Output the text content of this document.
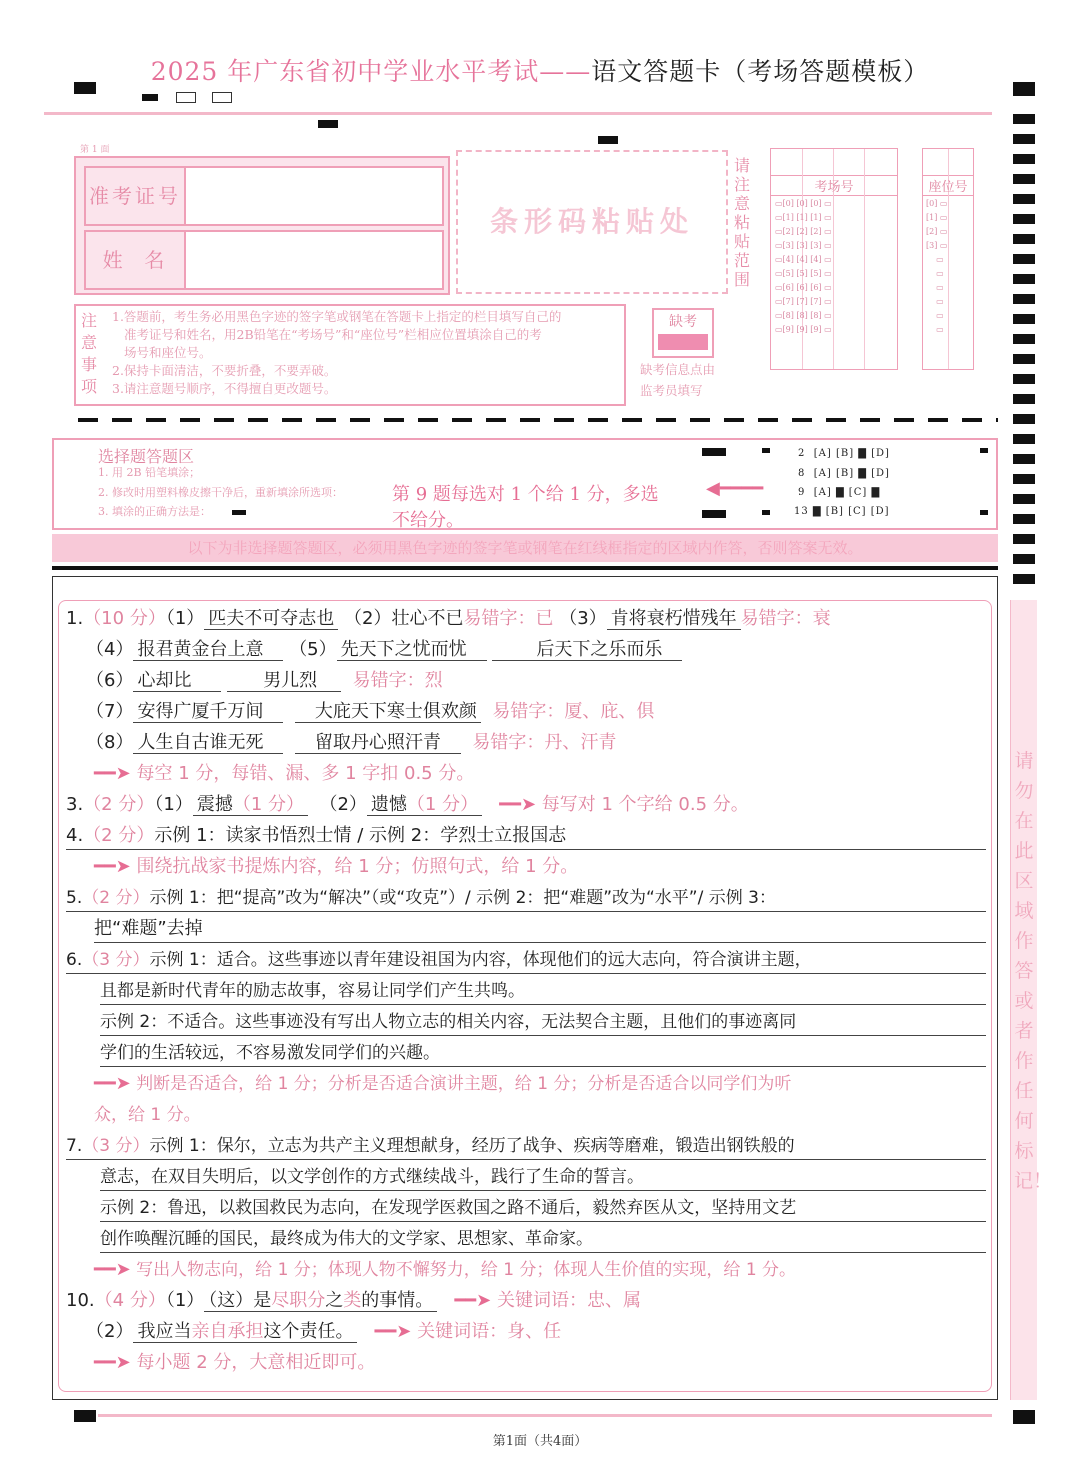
2025 年广东省初中学业水平考试——语文答题卡（考场答题模板）
第 1 面
准考证号
姓  名
条形码粘贴处
请注意粘贴范围
考场号
▭[0] [0] [0] ▭
▭[1] [1] [1] ▭
▭[2] [2] [2] ▭
▭[3] [3] [3] ▭
▭[4] [4] [4] ▭
▭[5] [5] [5] ▭
▭[6] [6] [6] ▭
▭[7] [7] [7] ▭
▭[8] [8] [8] ▭
▭[9] [9] [9] ▭
座位号
[0] ▭
[1] ▭
[2] ▭
[3] ▭
▭
▭
▭
▭
▭
▭
注意事项
1.答题前，考生务必用黑色字迹的签字笔或钢笔在答题卡上指定的栏目填写自己的
准考证号和姓名，用2B铅笔在“考场号”和“座位号”栏相应位置填涂自己的考
场号和座位号。
2.保持卡面清洁，不要折叠，不要弄破。
3.请注意题号顺序，不得擅自更改题号。
缺考
缺考信息点由
监考员填写
选择题答题区
1. 用 2B 铅笔填涂；
2. 修改时用塑料橡皮擦干净后，重新填涂所选项：
3. 填涂的正确方法是：
第 9 题每选对 1 个给 1 分，多选
不给分。
◀━━━━
2 [A] [B] ▇ [D]
8 [A] [B] ▇ [D]
9 [A] ▇ [C] ▇
13 ▇ [B] [C] [D]
以下为非选择题答题区，必须用黑色字迹的签字笔或钢笔在红线框指定的区域内作答，否则答案无效。
请勿在此区域作答或者作任何标记！
1.（10 分）（1） 匹夫不可夺志也 （2）壮心不已易错字：已 （3） 肯将衰朽惜残年 易错字：衰
（4） 报君黄金台上意 （5） 先天下之忧而忧	后天下之乐而乐
（6） 心却比	男儿烈 易错字：烈
（7） 安得广厦千万间	大庇天下寒士俱欢颜 易错字：厦、庇、俱
（8） 人生自古谁无死	留取丹心照汗青 易错字：丹、汗青
━━➤ 每空 1 分，每错、漏、多 1 字扣 0.5 分。
3.（2 分）（1） 震撼（1 分） （2） 遗憾（1 分） ━━➤ 每写对 1 个字给 0.5 分。
4.（2 分）示例 1：读家书悟烈士情 / 示例 2：学烈士立报国志
━━➤ 围绕抗战家书提炼内容，给 1 分；仿照句式，给 1 分。
5.（2 分）示例 1：把“提高”改为“解决”（或“攻克”）/ 示例 2：把“难题”改为“水平”/ 示例 3：
把“难题”去掉
6.（3 分）示例 1：适合。这些事迹以青年建设祖国为内容，体现他们的远大志向，符合演讲主题，
且都是新时代青年的励志故事，容易让同学们产生共鸣。
示例 2：不适合。这些事迹没有写出人物立志的相关内容，无法契合主题，且他们的事迹离同
学们的生活较远，不容易激发同学们的兴趣。
━━➤ 判断是否适合，给 1 分；分析是否适合演讲主题，给 1 分；分析是否适合以同学们为听
众，给 1 分。
7.（3 分）示例 1：保尔，立志为共产主义理想献身，经历了战争、疾病等磨难，锻造出钢铁般的
意志，在双目失明后，以文学创作的方式继续战斗，践行了生命的誓言。
示例 2：鲁迅，以救国救民为志向，在发现学医救国之路不通后，毅然弃医从文，坚持用文艺
创作唤醒沉睡的国民，最终成为伟大的文学家、思想家、革命家。
━━➤ 写出人物志向，给 1 分；体现人物不懈努力，给 1 分；体现人生价值的实现，给 1 分。
10.（4 分）（1） （这）是尽职分之类的事情。 ━━➤ 关键词语：忠、属
（2） 我应当亲自承担这个责任。 ━━➤ 关键词语：身、任
━━➤ 每小题 2 分，大意相近即可。
第1面（共4面）
